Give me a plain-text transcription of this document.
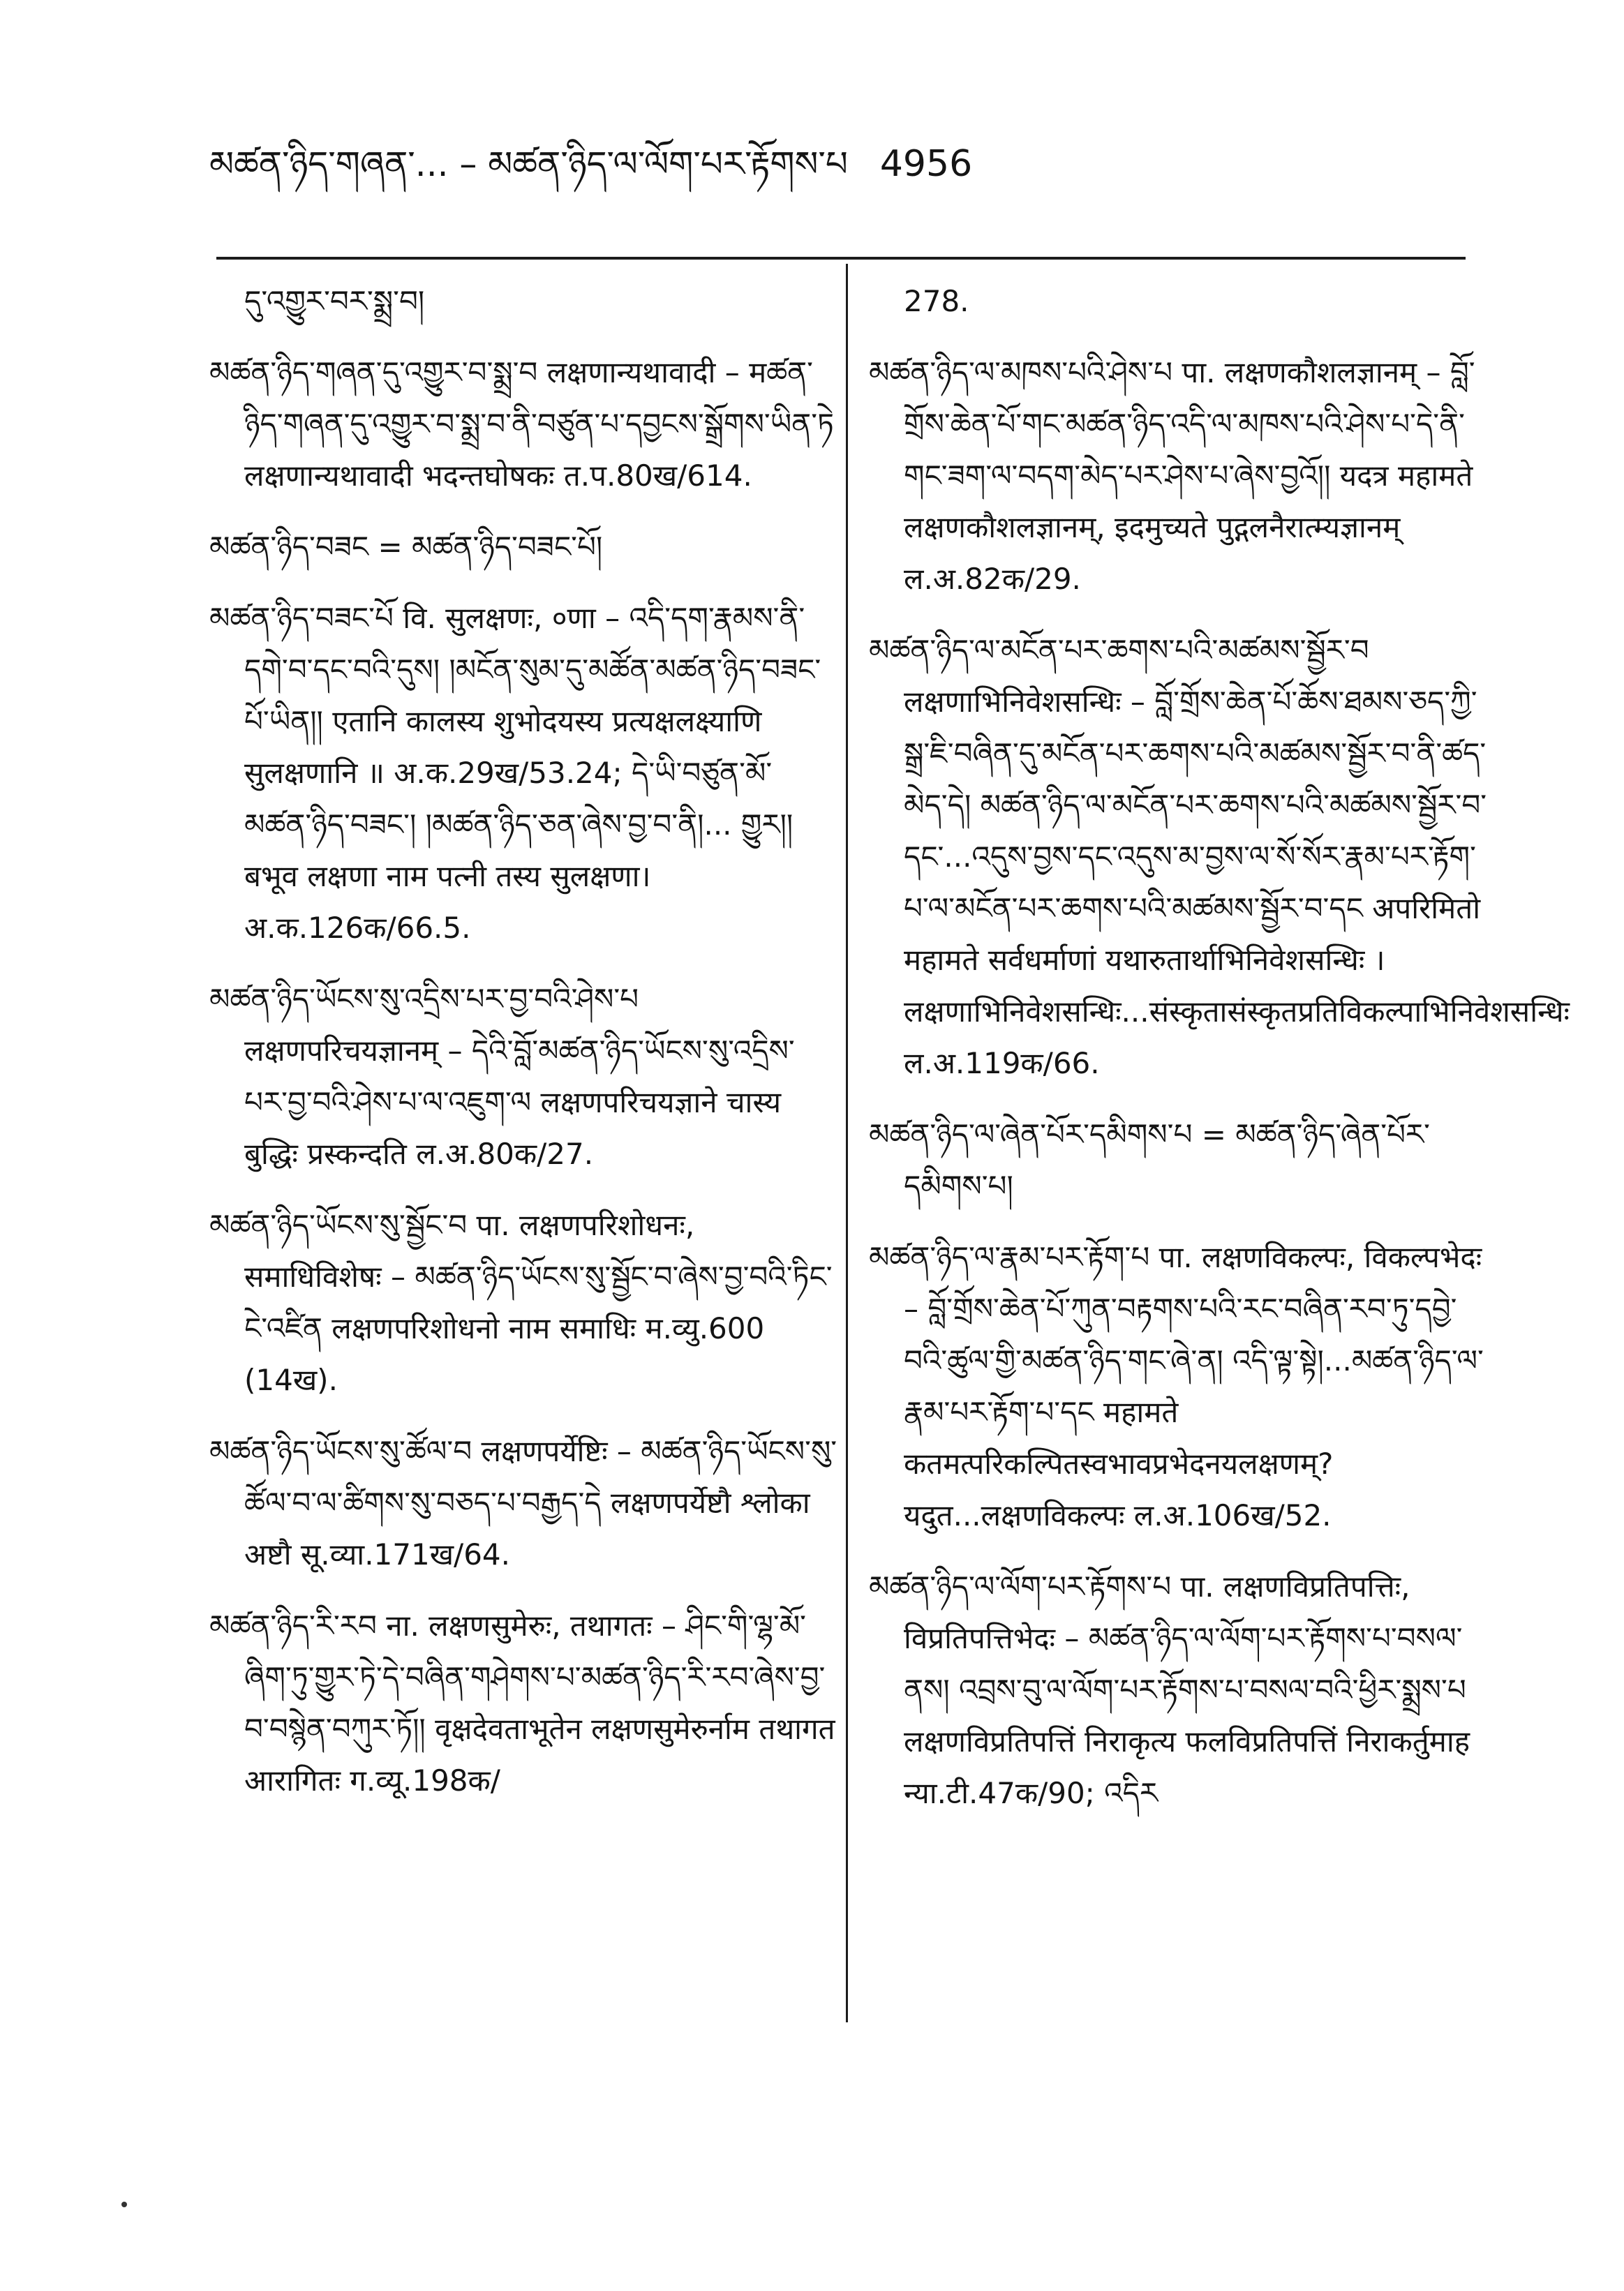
མཚན་ཉིད་གཞན་... – མཚན་ཉིད་ལ་ལོག་པར་རྟོགས་པ 4956

དུ་འགྱུར་བར་སྨྲ་བ།

མཚན་ཉིད་གཞན་དུ་འགྱུར་བ་སྨྲ་བ लक्षणान्यथावादी – मཚན་ཉིད་གཞན་དུ་འགྱུར་བ་སྨྲ་བ་ནི་བཙུན་པ་དབྱངས་སྒྲོགས་ཡིན་ཏེ लक्षणान्यथावादी भदन्तघोषकः त.प.80ख/614.

མཚན་ཉིད་བཟང = མཚན་ཉིད་བཟང་པོ།

མཚན་ཉིད་བཟང་པོ वि. सुलक्षणः, ०णा – འདི་དག་རྣམས་ནི་དགེ་བ་དང་བའི་དུས། །མངོན་སུམ་དུ་མཚོན་མཚན་ཉིད་བཟང་པོ་ཡིན།། एतानि कालस्य शुभोदयस्य प्रत्यक्षलक्ष्याणि सुलक्षणानि ॥ अ.क.29ख/53.24; དེ་ཡི་བཙུན་མོ་མཚན་ཉིད་བཟང་། །མཚན་ཉིད་ཅན་ཞེས་བྱ་བ་ནི།... གྱུར།། बभूव लक्षणा नाम पत्नी तस्य सुलक्षणा। अ.क.126क/66.5.

མཚན་ཉིད་ཡོངས་སུ་འདྲིས་པར་བྱ་བའི་ཤེས་པ लक्षणपरिचयज्ञानम् – དེའི་བློ་མཚན་ཉིད་ཡོངས་སུ་འདྲིས་པར་བྱ་བའི་ཤེས་པ་ལ་འཇུག་ལ लक्षणपरिचयज्ञाने चास्य बुद्धिः प्रस्कन्दति ल.अ.80क/27.

མཚན་ཉིད་ཡོངས་སུ་སྦྱོང་བ पा. लक्षणपरिशोधनः, समाधिविशेषः – མཚན་ཉིད་ཡོངས་སུ་སྦྱོང་བ་ཞེས་བྱ་བའི་ཏིང་ངེ་འཛིན लक्षणपरिशोधनो नाम समाधिः म.व्यु.600 (14ख).

མཚན་ཉིད་ཡོངས་སུ་ཚོལ་བ लक्षणपर्येष्टिः – མཚན་ཉིད་ཡོངས་སུ་ཚོལ་བ་ལ་ཚིགས་སུ་བཅད་པ་བརྒྱད་དེ लक्षणपर्येष्टौ श्लोका अष्टौ सू.व्या.171ख/64.

མཚན་ཉིད་རི་རབ ना. लक्षणसुमेरुः, तथागतः – ཤིང་གི་ལྷ་མོ་ཞིག་ཏུ་གྱུར་ཏེ་དེ་བཞིན་གཤེགས་པ་མཚན་ཉིད་རི་རབ་ཞེས་བྱ་བ་བསྙེན་བཀུར་ཏོ།། वृक्षदेवताभूतेन लक्षणसुमेरुर्नाम तथागत आरागितः ग.व्यू.198क/

278.

མཚན་ཉིད་ལ་མཁས་པའི་ཤེས་པ पा. लक्षणकौशलज्ञानम् – བློ་གྲོས་ཆེན་པོ་གང་མཚན་ཉིད་འདི་ལ་མཁས་པའི་ཤེས་པ་དེ་ནི་གང་ཟག་ལ་བདག་མེད་པར་ཤེས་པ་ཞེས་བྱའོ།། यदत्र महामते लक्षणकौशलज्ञानम्, इदमुच्यते पुद्गलनैरात्म्यज्ञानम् ल.अ.82क/29.

མཚན་ཉིད་ལ་མངོན་པར་ཆགས་པའི་མཚམས་སྦྱོར་བ लक्षणाभिनिवेशसन्धिः – བློ་གྲོས་ཆེན་པོ་ཆོས་ཐམས་ཅད་ཀྱི་སྒྲ་ཇི་བཞིན་དུ་མངོན་པར་ཆགས་པའི་མཚམས་སྦྱོར་བ་ནི་ཚད་མེད་དེ། མཚན་ཉིད་ལ་མངོན་པར་ཆགས་པའི་མཚམས་སྦྱོར་བ་དང་...འདུས་བྱས་དང་འདུས་མ་བྱས་ལ་སོ་སོར་རྣམ་པར་རྟོག་པ་ལ་མངོན་པར་ཆགས་པའི་མཚམས་སྦྱོར་བ་དང अपरिमितो महामते सर्वधर्माणां यथारुतार्थाभिनिवेशसन्धिः । लक्षणाभिनिवेशसन्धिः...संस्कृतासंस्कृतप्रतिविकल्पाभिनिवेशसन्धिः ल.अ.119क/66.

མཚན་ཉིད་ལ་ཞེན་པོར་དམིགས་པ = མཚན་ཉིད་ཞེན་པོར་དམིགས་པ།

མཚན་ཉིད་ལ་རྣམ་པར་རྟོག་པ पा. लक्षणविकल्पः, विकल्पभेदः – བློ་གྲོས་ཆེན་པོ་ཀུན་བརྟགས་པའི་རང་བཞིན་རབ་ཏུ་དབྱེ་བའི་ཚུལ་གྱི་མཚན་ཉིད་གང་ཞེ་ན། འདི་ལྟ་སྟེ།...མཚན་ཉིད་ལ་རྣམ་པར་རྟོག་པ་དང महामते कतमत्परिकल्पितस्वभावप्रभेदनयलक्षणम्? यदुत...लक्षणविकल्पः ल.अ.106ख/52.

མཚན་ཉིད་ལ་ལོག་པར་རྟོགས་པ पा. लक्षणविप्रतिपत्तिः, विप्रतिपत्तिभेदः – མཚན་ཉིད་ལ་ལོག་པར་རྟོགས་པ་བསལ་ནས། འབྲས་བུ་ལ་ལོག་པར་རྟོགས་པ་བསལ་བའི་ཕྱིར་སྨྲས་པ लक्षणविप्रतिपत्तिं निराकृत्य फलविप्रतिपत्तिं निराकर्तुमाह न्या.टी.47क/90; འདིར
